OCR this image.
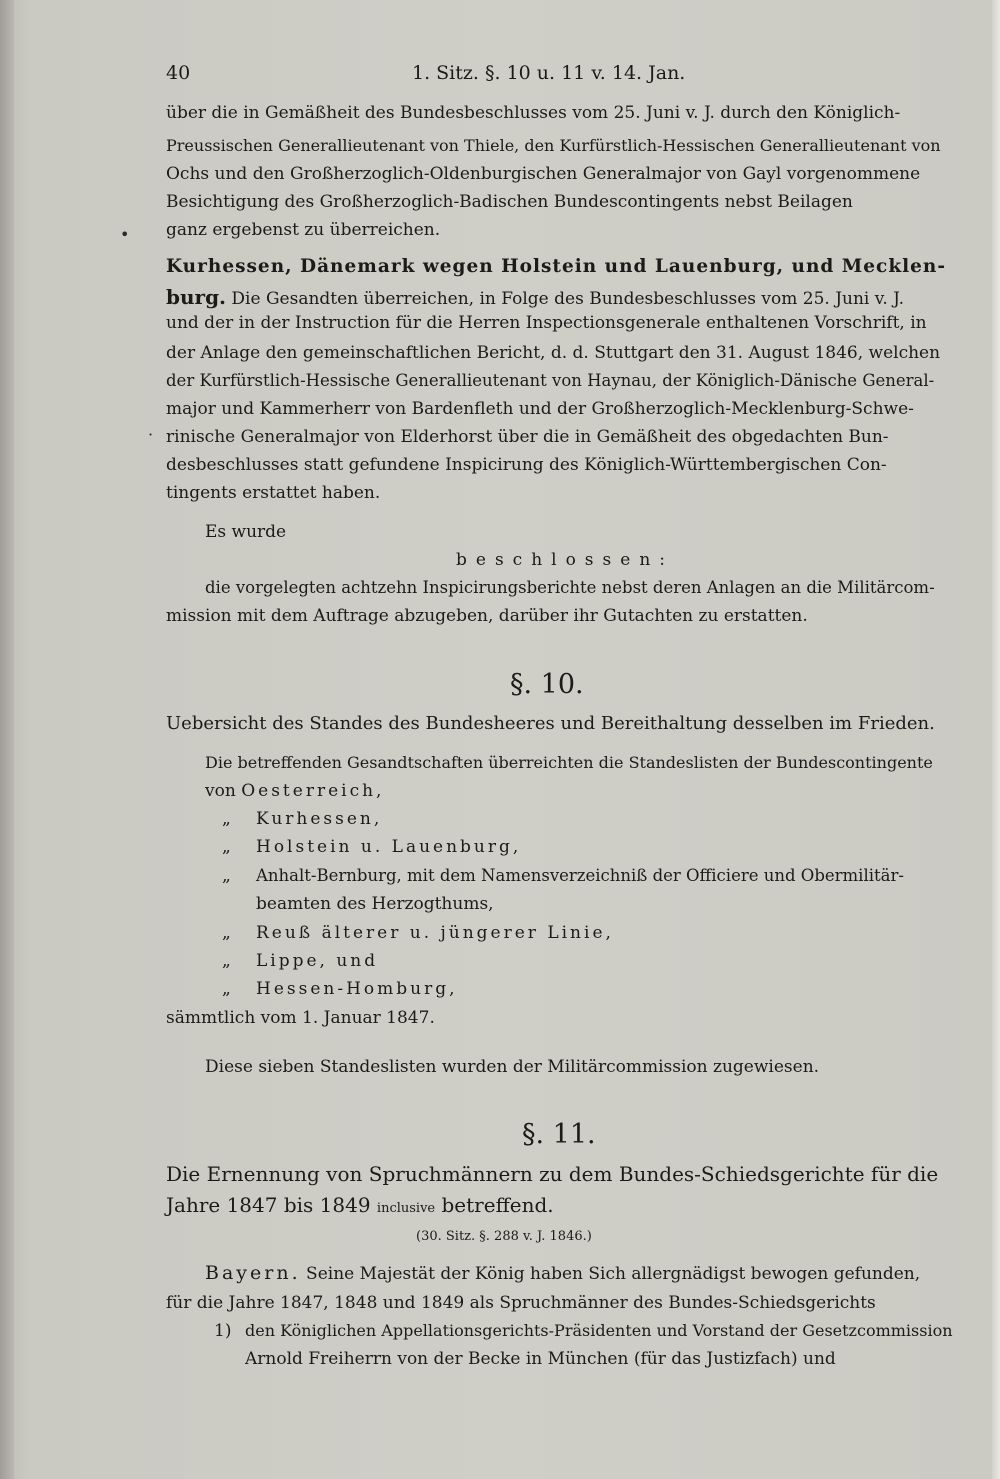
40	1. Sitz. §. 10 u. 11 v. 14. Jan.
über die in Gemäßheit des Bundesbeschlusses vom 25. Juni v. J. durch den Königlich-
Preussischen Generallieutenant von Thiele, den Kurfürstlich-Hessischen Generallieutenant von
Ochs und den Großherzoglich-Oldenburgischen Generalmajor von Gayl vorgenommene
Besichtigung des Großherzoglich-Badischen Bundescontingents nebst Beilagen
ganz ergebenst zu überreichen.
Kurhessen, Dänemark wegen Holstein und Lauenburg, und Mecklen-
burg. Die Gesandten überreichen, in Folge des Bundesbeschlusses vom 25. Juni v. J.
und der in der Instruction für die Herren Inspectionsgenerale enthaltenen Vorschrift, in
der Anlage den gemeinschaftlichen Bericht, d. d. Stuttgart den 31. August 1846, welchen
der Kurfürstlich-Hessische Generallieutenant von Haynau, der Königlich-Dänische General-
major und Kammerherr von Bardenfleth und der Großherzoglich-Mecklenburg-Schwe-
rinische Generalmajor von Elderhorst über die in Gemäßheit des obgedachten Bun-
desbeschlusses statt gefundene Inspicirung des Königlich-Württembergischen Con-
tingents erstattet haben.
Es wurde
beschlossen:
die vorgelegten achtzehn Inspicirungsberichte nebst deren Anlagen an die Militärcom-
mission mit dem Auftrage abzugeben, darüber ihr Gutachten zu erstatten.
§. 10.
Uebersicht des Standes des Bundesheeres und Bereithaltung desselben im Frieden.
Die betreffenden Gesandtschaften überreichten die Standeslisten der Bundescontingente
von Oesterreich,
„ Kurhessen,
„ Holstein u. Lauenburg,
„ Anhalt-Bernburg, mit dem Namensverzeichniß der Officiere und Obermilitär-
beamten des Herzogthums,
„ Reuß älterer u. jüngerer Linie,
„ Lippe, und
„ Hessen-Homburg,
sämmtlich vom 1. Januar 1847.
Diese sieben Standeslisten wurden der Militärcommission zugewiesen.
§. 11.
Die Ernennung von Spruchmännern zu dem Bundes-Schiedsgerichte für die
Jahre 1847 bis 1849 inclusive betreffend.
(30. Sitz. §. 288 v. J. 1846.)
Bayern. Seine Majestät der König haben Sich allergnädigst bewogen gefunden,
für die Jahre 1847, 1848 und 1849 als Spruchmänner des Bundes-Schiedsgerichts
1) den Königlichen Appellationsgerichts-Präsidenten und Vorstand der Gesetzcommission
Arnold Freiherrn von der Becke in München (für das Justizfach) und
•
·
